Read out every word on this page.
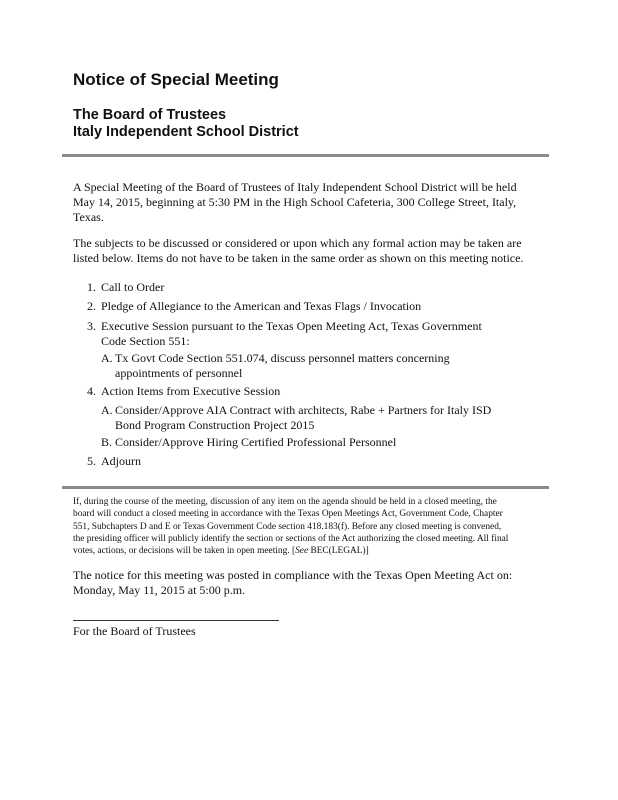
Notice of Special Meeting
The Board of Trustees
Italy Independent School District
A Special Meeting of the Board of Trustees of Italy Independent School District will be held
May 14, 2015, beginning at 5:30 PM in the High School Cafeteria, 300 College Street, Italy,
Texas.
The subjects to be discussed or considered or upon which any formal action may be taken are
listed below. Items do not have to be taken in the same order as shown on this meeting notice.
1. Call to Order
2. Pledge of Allegiance to the American and Texas Flags / Invocation
3. Executive Session pursuant to the Texas Open Meeting Act, Texas Government
Code Section 551:
A. Tx Govt Code Section 551.074, discuss personnel matters concerning
appointments of personnel
4. Action Items from Executive Session
A. Consider/Approve AIA Contract with architects, Rabe + Partners for Italy ISD
Bond Program Construction Project 2015
B. Consider/Approve Hiring Certified Professional Personnel
5. Adjourn
If, during the course of the meeting, discussion of any item on the agenda should be held in a closed meeting, the
board will conduct a closed meeting in accordance with the Texas Open Meetings Act, Government Code, Chapter
551, Subchapters D and E or Texas Government Code section 418.183(f). Before any closed meeting is convened,
the presiding officer will publicly identify the section or sections of the Act authorizing the closed meeting. All final
votes, actions, or decisions will be taken in open meeting. [See BEC(LEGAL)]
The notice for this meeting was posted in compliance with the Texas Open Meeting Act on:
Monday, May 11, 2015 at 5:00 p.m.
For the Board of Trustees
